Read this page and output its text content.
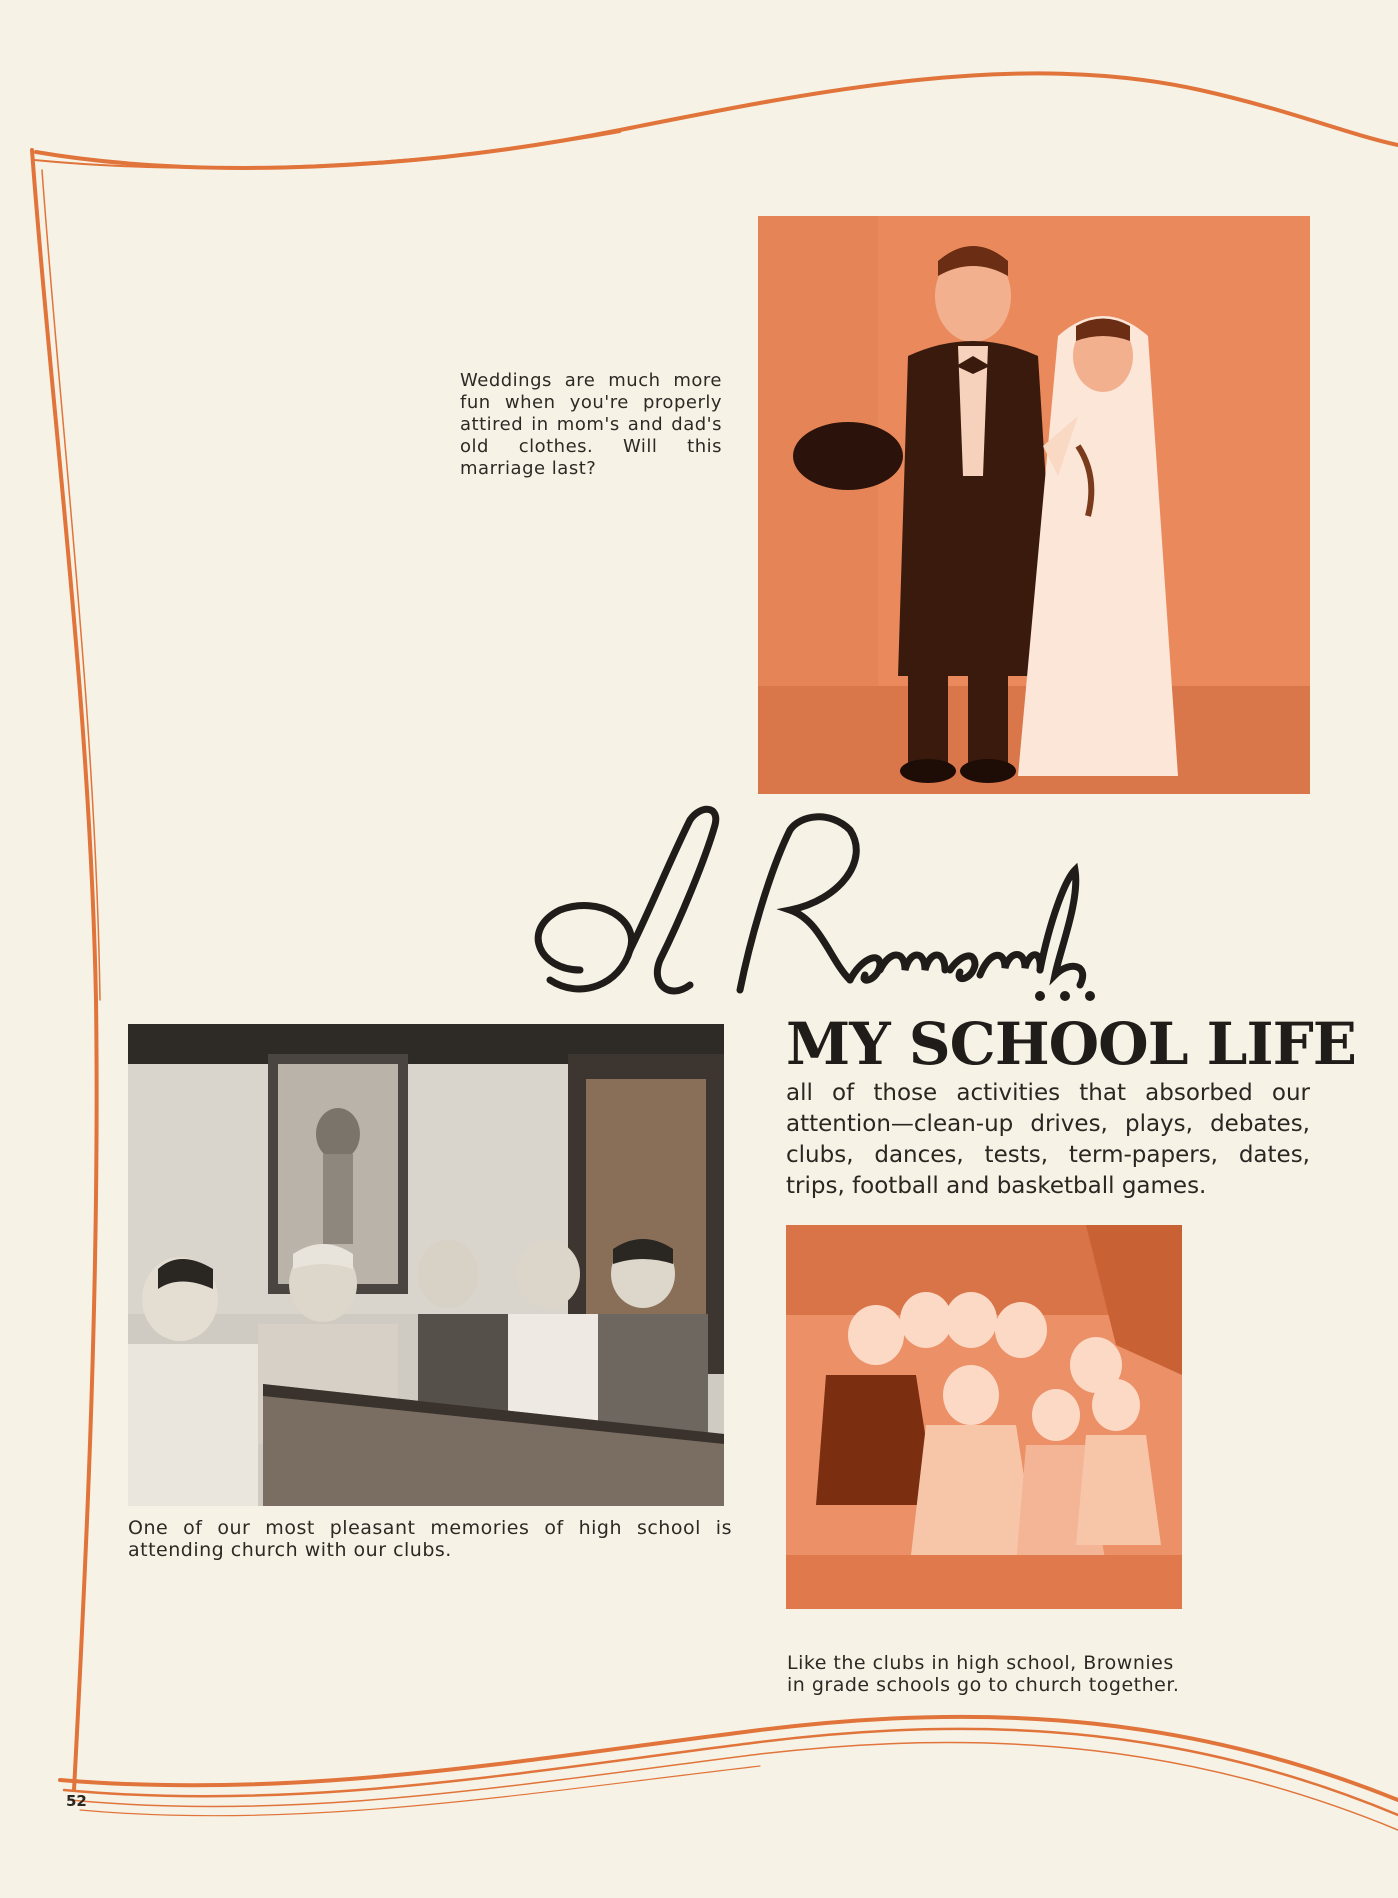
Weddings are much more fun when you're properly attired in mom's and dad's old clothes. Will this marriage last?
One of our most pleasant memories of high school is attending church with our clubs.
MY SCHOOL LIFE
all of those activities that absorbed our attention—clean-up drives, plays, debates, clubs, dances, tests, term-papers, dates, trips, football and basketball games.
Like the clubs in high school, Brownies in grade schools go to church together.
52
